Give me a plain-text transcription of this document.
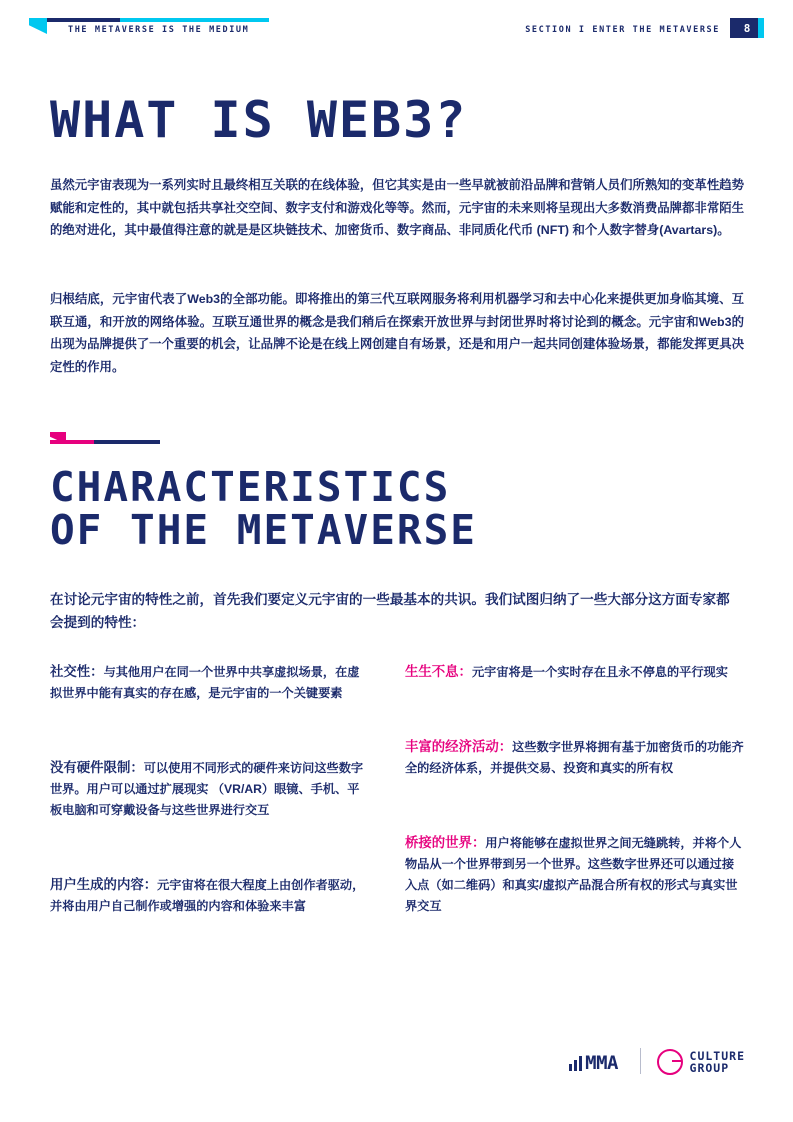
THE METAVERSE IS THE MEDIUM	SECTION I ENTER THE METAVERSE	8
WHAT IS WEB3?
虽然元宇宙表现为一系列实时且最终相互关联的在线体验，但它其实是由一些早就被前沿品牌和营销人员们所熟知的变革性趋势赋能和定性的，其中就包括共享社交空间、数字支付和游戏化等等。然而，元宇宙的未来则将呈现出大多数消费品牌都非常陌生的绝对进化，其中最值得注意的就是是区块链技术、加密货币、数字商品、非同质化代币 (NFT) 和个人数字替身(Avartars)。
归根结底，元宇宙代表了Web3的全部功能。即将推出的第三代互联网服务将利用机器学习和去中心化来提供更加身临其境、互联互通，和开放的网络体验。互联互通世界的概念是我们稍后在探索开放世界与封闭世界时将讨论到的概念。元宇宙和Web3的出现为品牌提供了一个重要的机会，让品牌不论是在线上网创建自有场景，还是和用户一起共同创建体验场景，都能发挥更具决定性的作用。
CHARACTERISTICS
OF THE METAVERSE
在讨论元宇宙的特性之前，首先我们要定义元宇宙的一些最基本的共识。我们试图归纳了一些大部分这方面专家都会提到的特性：
社交性：与其他用户在同一个世界中共享虚拟场景，在虚拟世界中能有真实的存在感，是元宇宙的一个关键要素
没有硬件限制：可以使用不同形式的硬件来访问这些数字世界。用户可以通过扩展现实 （VR/AR）眼镜、手机、平板电脑和可穿戴设备与这些世界进行交互
用户生成的内容：元宇宙将在很大程度上由创作者驱动，并将由用户自己制作或增强的内容和体验来丰富
生生不息：元宇宙将是一个实时存在且永不停息的平行现实
丰富的经济活动：这些数字世界将拥有基于加密货币的功能齐全的经济体系，并提供交易、投资和真实的所有权
桥接的世界：用户将能够在虚拟世界之间无缝跳转，并将个人物品从一个世界带到另一个世界。这些数字世界还可以通过接入点（如二维码）和真实/虚拟产品混合所有权的形式与真实世界交互
MMA	CULTURE
GROUP
